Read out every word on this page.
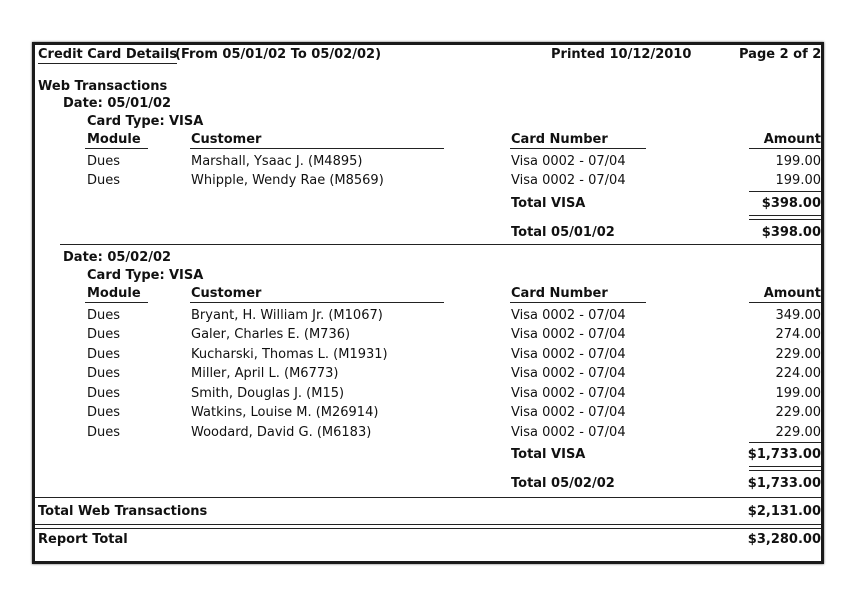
Credit Card Details
(From 05/01/02 To 05/02/02)	Printed 10/12/2010	Page 2 of 2
Web Transactions
Date: 05/01/02
Card Type: VISA
Module	Customer	Card Number	Amount
Dues	Marshall, Ysaac J. (M4895)	Visa 0002 - 07/04	199.00
Dues	Whipple, Wendy Rae (M8569)	Visa 0002 - 07/04	199.00
Total VISA	$398.00
Total 05/01/02	$398.00
Date: 05/02/02
Card Type: VISA
Module	Customer	Card Number	Amount
Dues	Bryant, H. William Jr. (M1067)	Visa 0002 - 07/04	349.00
Dues	Galer, Charles E. (M736)	Visa 0002 - 07/04	274.00
Dues	Kucharski, Thomas L. (M1931)	Visa 0002 - 07/04	229.00
Dues	Miller, April L. (M6773)	Visa 0002 - 07/04	224.00
Dues	Smith, Douglas J. (M15)	Visa 0002 - 07/04	199.00
Dues	Watkins, Louise M. (M26914)	Visa 0002 - 07/04	229.00
Dues	Woodard, David G. (M6183)	Visa 0002 - 07/04	229.00
Total VISA	$1,733.00
Total 05/02/02	$1,733.00
Total Web Transactions	$2,131.00
Report Total	$3,280.00
